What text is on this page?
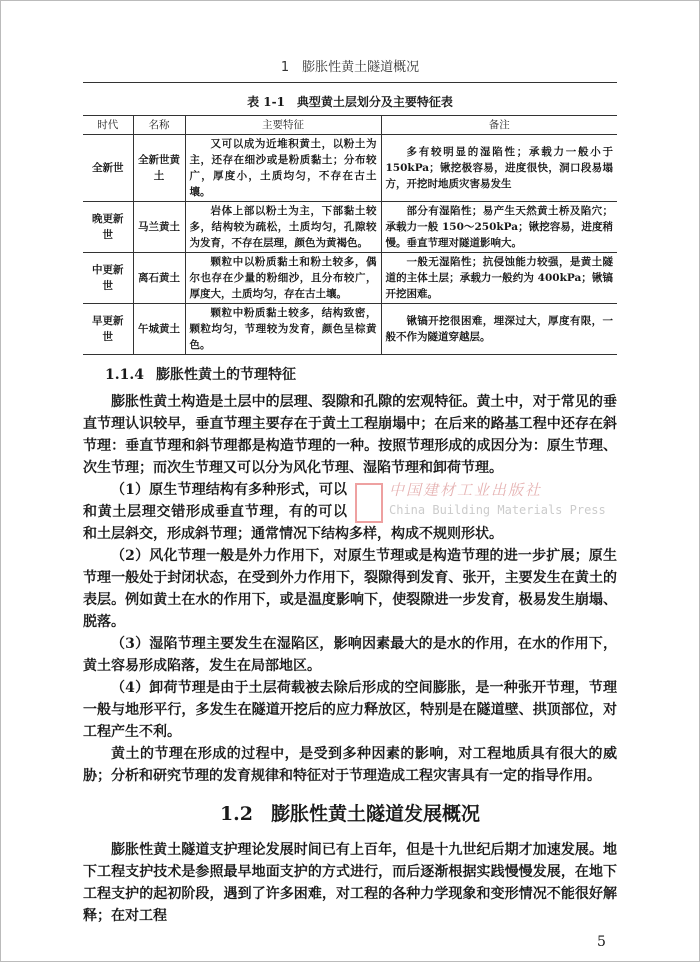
1　膨胀性黄土隧道概况
表 1-1　典型黄土层划分及主要特征表
时代	名称	主要特征	备注
全新世	全新世黄土	又可以成为近堆积黄土，以粉土为主，还存在细沙或是粉质黏土；分布较广，厚度小，土质均匀，不存在古土壤。	多有较明显的湿陷性；承载力一般小于150kPa；锹挖极容易，进度很快，洞口段易塌方，开挖时地质灾害易发生
晚更新世	马兰黄土	岩体上部以粉土为主，下部黏土较多，结构较为疏松，土质均匀，孔隙较为发育，不存在层理，颜色为黄褐色。	部分有湿陷性；易产生天然黄土桥及陷穴；承载力一般 150～250kPa；锹挖容易，进度稍慢。垂直节理对隧道影响大。
中更新世	离石黄土	颗粒中以粉质黏土和粉土较多，偶尔也存在少量的粉细沙，且分布较广，厚度大，土质均匀，存在古土壤。	一般无湿陷性；抗侵蚀能力较强，是黄土隧道的主体土层；承载力一般约为 400kPa；锹镐开挖困难。
早更新世	午城黄土	颗粒中粉质黏土较多，结构致密，颗粒均匀，节理较为发育，颜色呈棕黄色。	锹镐开挖很困难，埋深过大，厚度有限，一般不作为隧道穿越层。
1.1.4 膨胀性黄土的节理特征

膨胀性黄土构造是土层中的层理、裂隙和孔隙的宏观特征。黄土中，对于常见的垂直节理认识较早，垂直节理主要存在于黄土工程崩塌中；在后来的路基工程中还存在斜节理：垂直节理和斜节理都是构造节理的一种。按照节理形成的成因分为：原生节理、次生节理；而次生节理又可以分为风化节理、湿陷节理和卸荷节理。

中国建材工业出版社
China Building Materials Press

（1）原生节理结构有多种形式，可以和黄土层理交错形成垂直节理，有的可以和土层斜交，形成斜节理；通常情况下结构多样，构成不规则形状。

（2）风化节理一般是外力作用下，对原生节理或是构造节理的进一步扩展；原生节理一般处于封闭状态，在受到外力作用下，裂隙得到发育、张开，主要发生在黄土的表层。例如黄土在水的作用下，或是温度影响下，使裂隙进一步发育，极易发生崩塌、脱落。

（3）湿陷节理主要发生在湿陷区，影响因素最大的是水的作用，在水的作用下，黄土容易形成陷落，发生在局部地区。

（4）卸荷节理是由于土层荷载被去除后形成的空间膨胀，是一种张开节理，节理一般与地形平行，多发生在隧道开挖后的应力释放区，特别是在隧道壁、拱顶部位，对工程产生不利。

黄土的节理在形成的过程中，是受到多种因素的影响，对工程地质具有很大的威胁；分析和研究节理的发育规律和特征对于节理造成工程灾害具有一定的指导作用。

1.2 膨胀性黄土隧道发展概况

膨胀性黄土隧道支护理论发展时间已有上百年，但是十九世纪后期才加速发展。地下工程支护技术是参照最早地面支护的方式进行，而后逐渐根据实践慢慢发展，在地下工程支护的起初阶段，遇到了许多困难，对工程的各种力学现象和变形情况不能很好解释；在对工程

5
